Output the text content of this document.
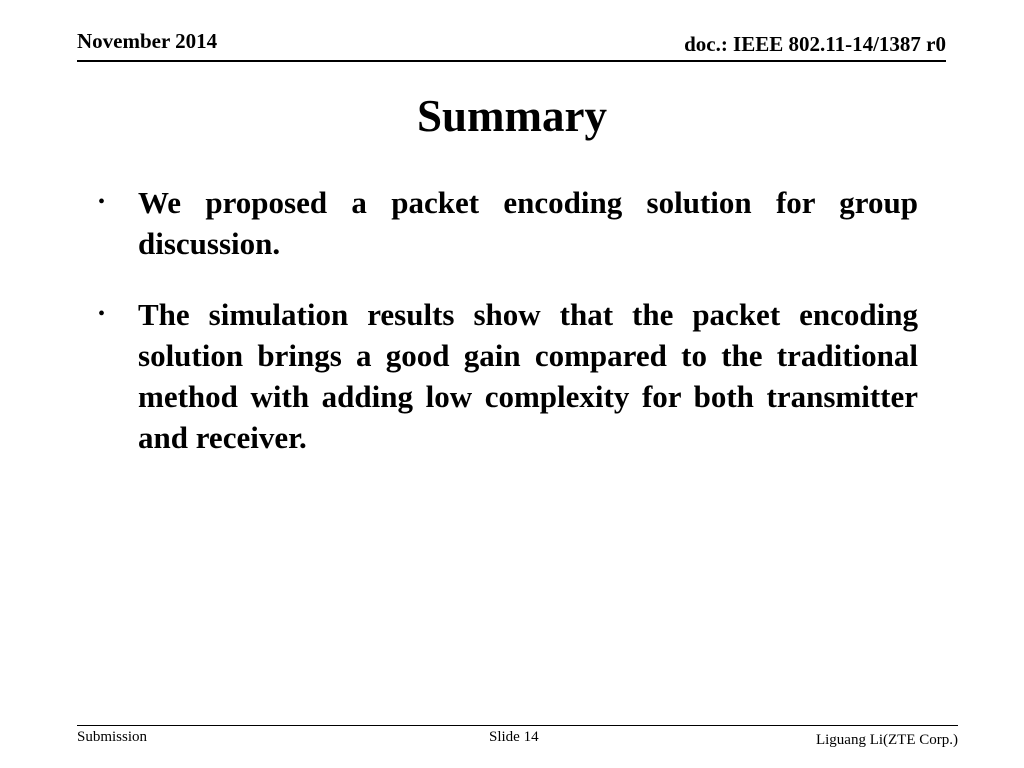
November 2014	doc.: IEEE 802.11-14/1387 r0
Summary
• We proposed a packet encoding solution for group discussion.
• The simulation results show that the packet encoding solution brings a good gain compared to the traditional method with adding low complexity for both transmitter and receiver.
Submission	Slide 14	Liguang Li(ZTE Corp.)
